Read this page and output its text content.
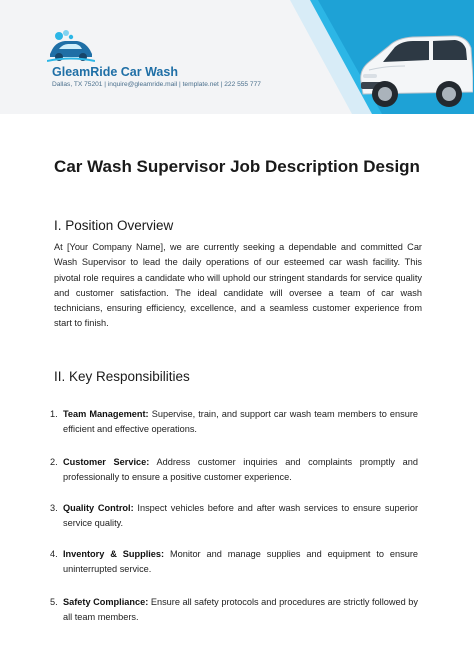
GleamRide Car Wash
Dallas, TX 75201 | inquire@gleamride.mail | template.net | 222 555 777
Car Wash Supervisor Job Description Design
I. Position Overview

At [Your Company Name], we are currently seeking a dependable and committed Car Wash Supervisor to lead the daily operations of our esteemed car wash facility. This pivotal role requires a candidate who will uphold our stringent standards for service quality and customer satisfaction. The ideal candidate will oversee a team of car wash technicians, ensuring efficiency, excellence, and a seamless customer experience from start to finish.

II. Key Responsibilities
1. Team Management: Supervise, train, and support car wash team members to ensure efficient and effective operations.
2. Customer Service: Address customer inquiries and complaints promptly and professionally to ensure a positive customer experience.
3. Quality Control: Inspect vehicles before and after wash services to ensure superior service quality.
4. Inventory & Supplies: Monitor and manage supplies and equipment to ensure uninterrupted service.
5. Safety Compliance: Ensure all safety protocols and procedures are strictly followed by all team members.
